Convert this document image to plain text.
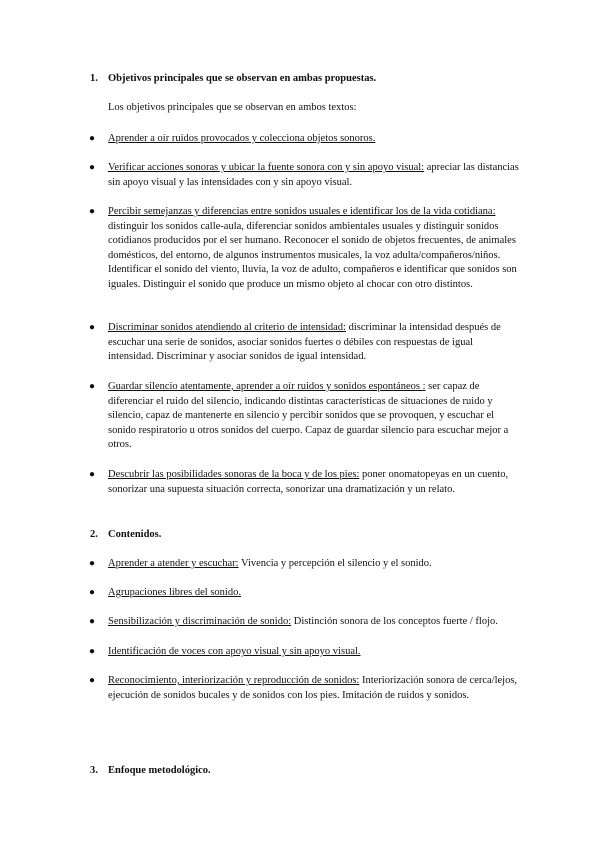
1. Objetivos principales que se observan en ambas propuestas.
Los objetivos principales que se observan en ambos textos:
● Aprender a oír ruidos provocados y colecciona objetos sonoros.
● Verificar acciones sonoras y ubicar la fuente sonora con y sin apoyo visual: apreciar las distancias sin apoyo visual y las intensidades con y sin apoyo visual.
● Percibir semejanzas y diferencias entre sonidos usuales e identificar los de la vida cotidiana: distinguir los sonidos calle-aula, diferenciar sonidos ambientales usuales y distinguir sonidos cotidianos producidos por el ser humano. Reconocer el sonido de objetos frecuentes, de animales domésticos, del entorno, de algunos instrumentos musicales, la voz adulta/compañeros/niños. Identificar el sonido del viento, lluvia, la voz de adulto, compañeros e identificar que sonidos son iguales. Distinguir el sonido que produce un mismo objeto al chocar con otro distintos.
● Discriminar sonidos atendiendo al criterio de intensidad: discriminar la intensidad después de escuchar una serie de sonidos, asociar sonidos fuertes o débiles con respuestas de igual intensidad. Discriminar y asociar sonidos de igual intensidad.
● Guardar silencio atentamente, aprender a oír ruidos y sonidos espontáneos : ser capaz de diferenciar el ruido del silencio, indicando distintas características de situaciones de ruido y silencio, capaz de mantenerte en silencio y percibir sonidos que se provoquen, y escuchar el sonido respiratorio u otros sonidos del cuerpo. Capaz de guardar silencio para escuchar mejor a otros.
● Descubrir las posibilidades sonoras de la boca y de los pies: poner onomatopeyas en un cuento, sonorizar una supuesta situación correcta, sonorizar una dramatización y un relato.
2. Contenidos.
● Aprender a atender y escuchar: Vivencia y percepción el silencio y el sonido.
● Agrupaciones libres del sonido.
● Sensibilización y discriminación de sonido: Distinción sonora de los conceptos fuerte / flojo.
● Identificación de voces con apoyo visual y sin apoyo visual.
● Reconocimiento, interiorización y reproducción de sonidos: Interiorización sonora de cerca/lejos, ejecución de sonidos bucales y de sonidos con los pies. Imitación de ruidos y sonidos.
3. Enfoque metodológico.
